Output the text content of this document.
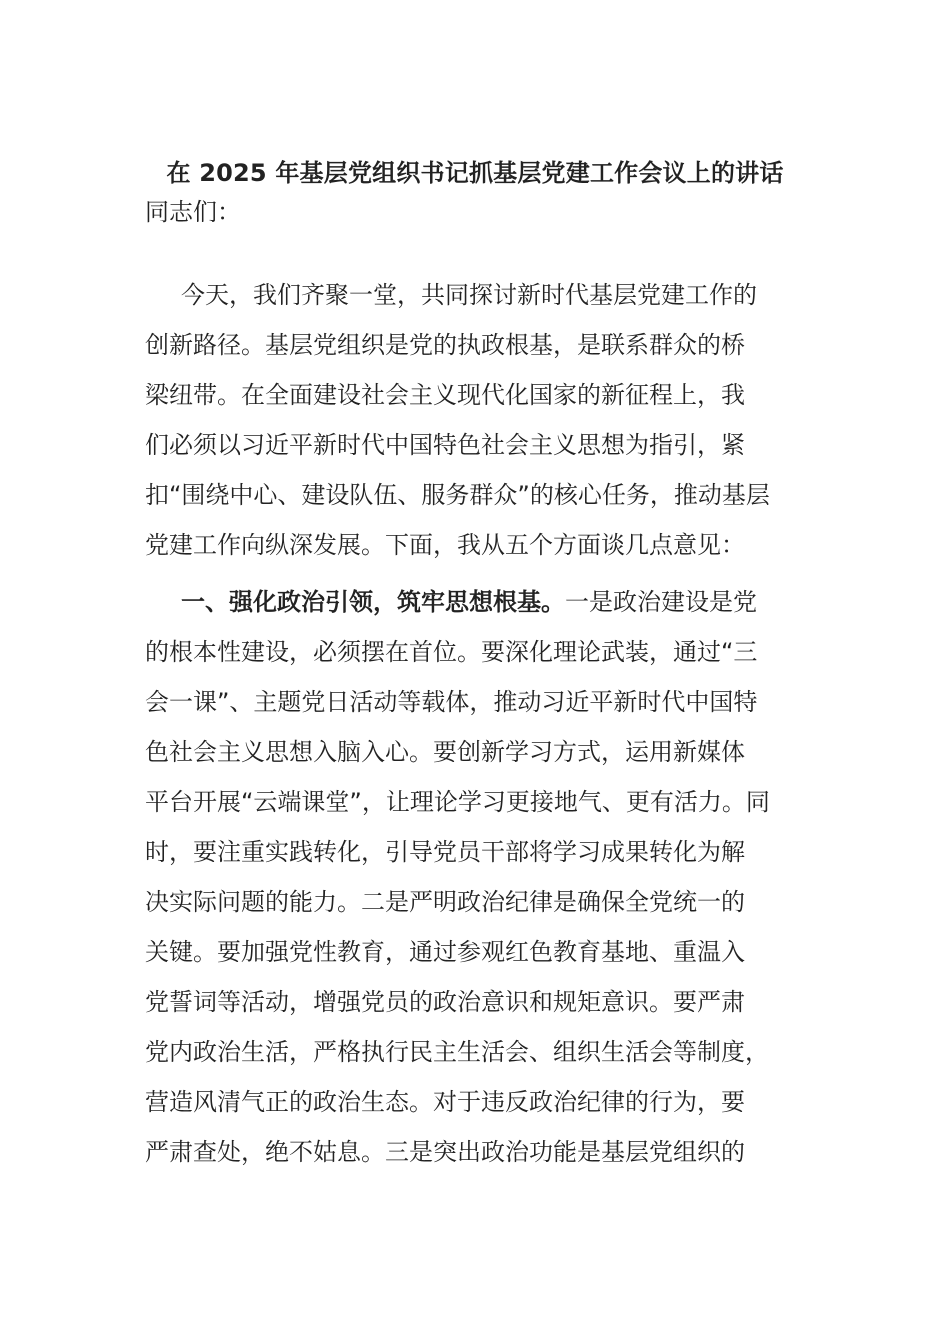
在 2025 年基层党组织书记抓基层党建工作会议上的讲话
同志们：
今天，我们齐聚一堂，共同探讨新时代基层党建工作的
创新路径。基层党组织是党的执政根基，是联系群众的桥
梁纽带。在全面建设社会主义现代化国家的新征程上，我
们必须以习近平新时代中国特色社会主义思想为指引，紧
扣“围绕中心、建设队伍、服务群众”的核心任务，推动基层
党建工作向纵深发展。下面，我从五个方面谈几点意见：
一、强化政治引领，筑牢思想根基。一是政治建设是党
的根本性建设，必须摆在首位。要深化理论武装，通过“三
会一课”、主题党日活动等载体，推动习近平新时代中国特
色社会主义思想入脑入心。要创新学习方式，运用新媒体
平台开展“云端课堂”，让理论学习更接地气、更有活力。同
时，要注重实践转化，引导党员干部将学习成果转化为解
决实际问题的能力。二是严明政治纪律是确保全党统一的
关键。要加强党性教育，通过参观红色教育基地、重温入
党誓词等活动，增强党员的政治意识和规矩意识。要严肃
党内政治生活，严格执行民主生活会、组织生活会等制度，
营造风清气正的政治生态。对于违反政治纪律的行为，要
严肃查处，绝不姑息。三是突出政治功能是基层党组织的
